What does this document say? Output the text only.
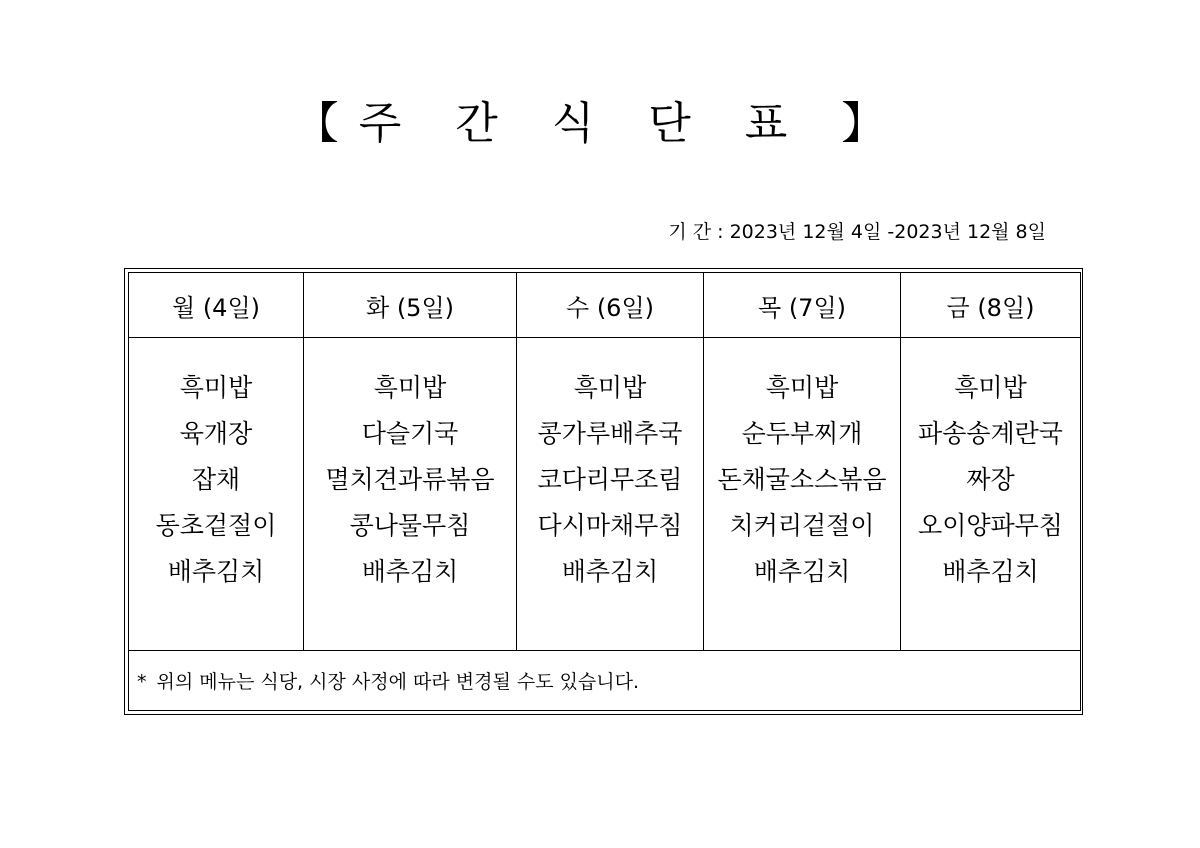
【주 간 식 단 표 】
기 간 : 2023년 12월 4일 -2023년 12월 8일
월 (4일)	화 (5일)	수 (6일)	목 (7일)	금 (8일)

흑미밥
육개장
잡채
동초겉절이
배추김치	흑미밥
다슬기국
멸치견과류볶음
콩나물무침
배추김치	흑미밥
콩가루배추국
코다리무조림
다시마채무침
배추김치	흑미밥
순두부찌개
돈채굴소스볶음
치커리겉절이
배추김치	흑미밥
파송송계란국
짜장
오이양파무침
배추김치

* 위의 메뉴는 식당, 시장 사정에 따라 변경될 수도 있습니다.				
